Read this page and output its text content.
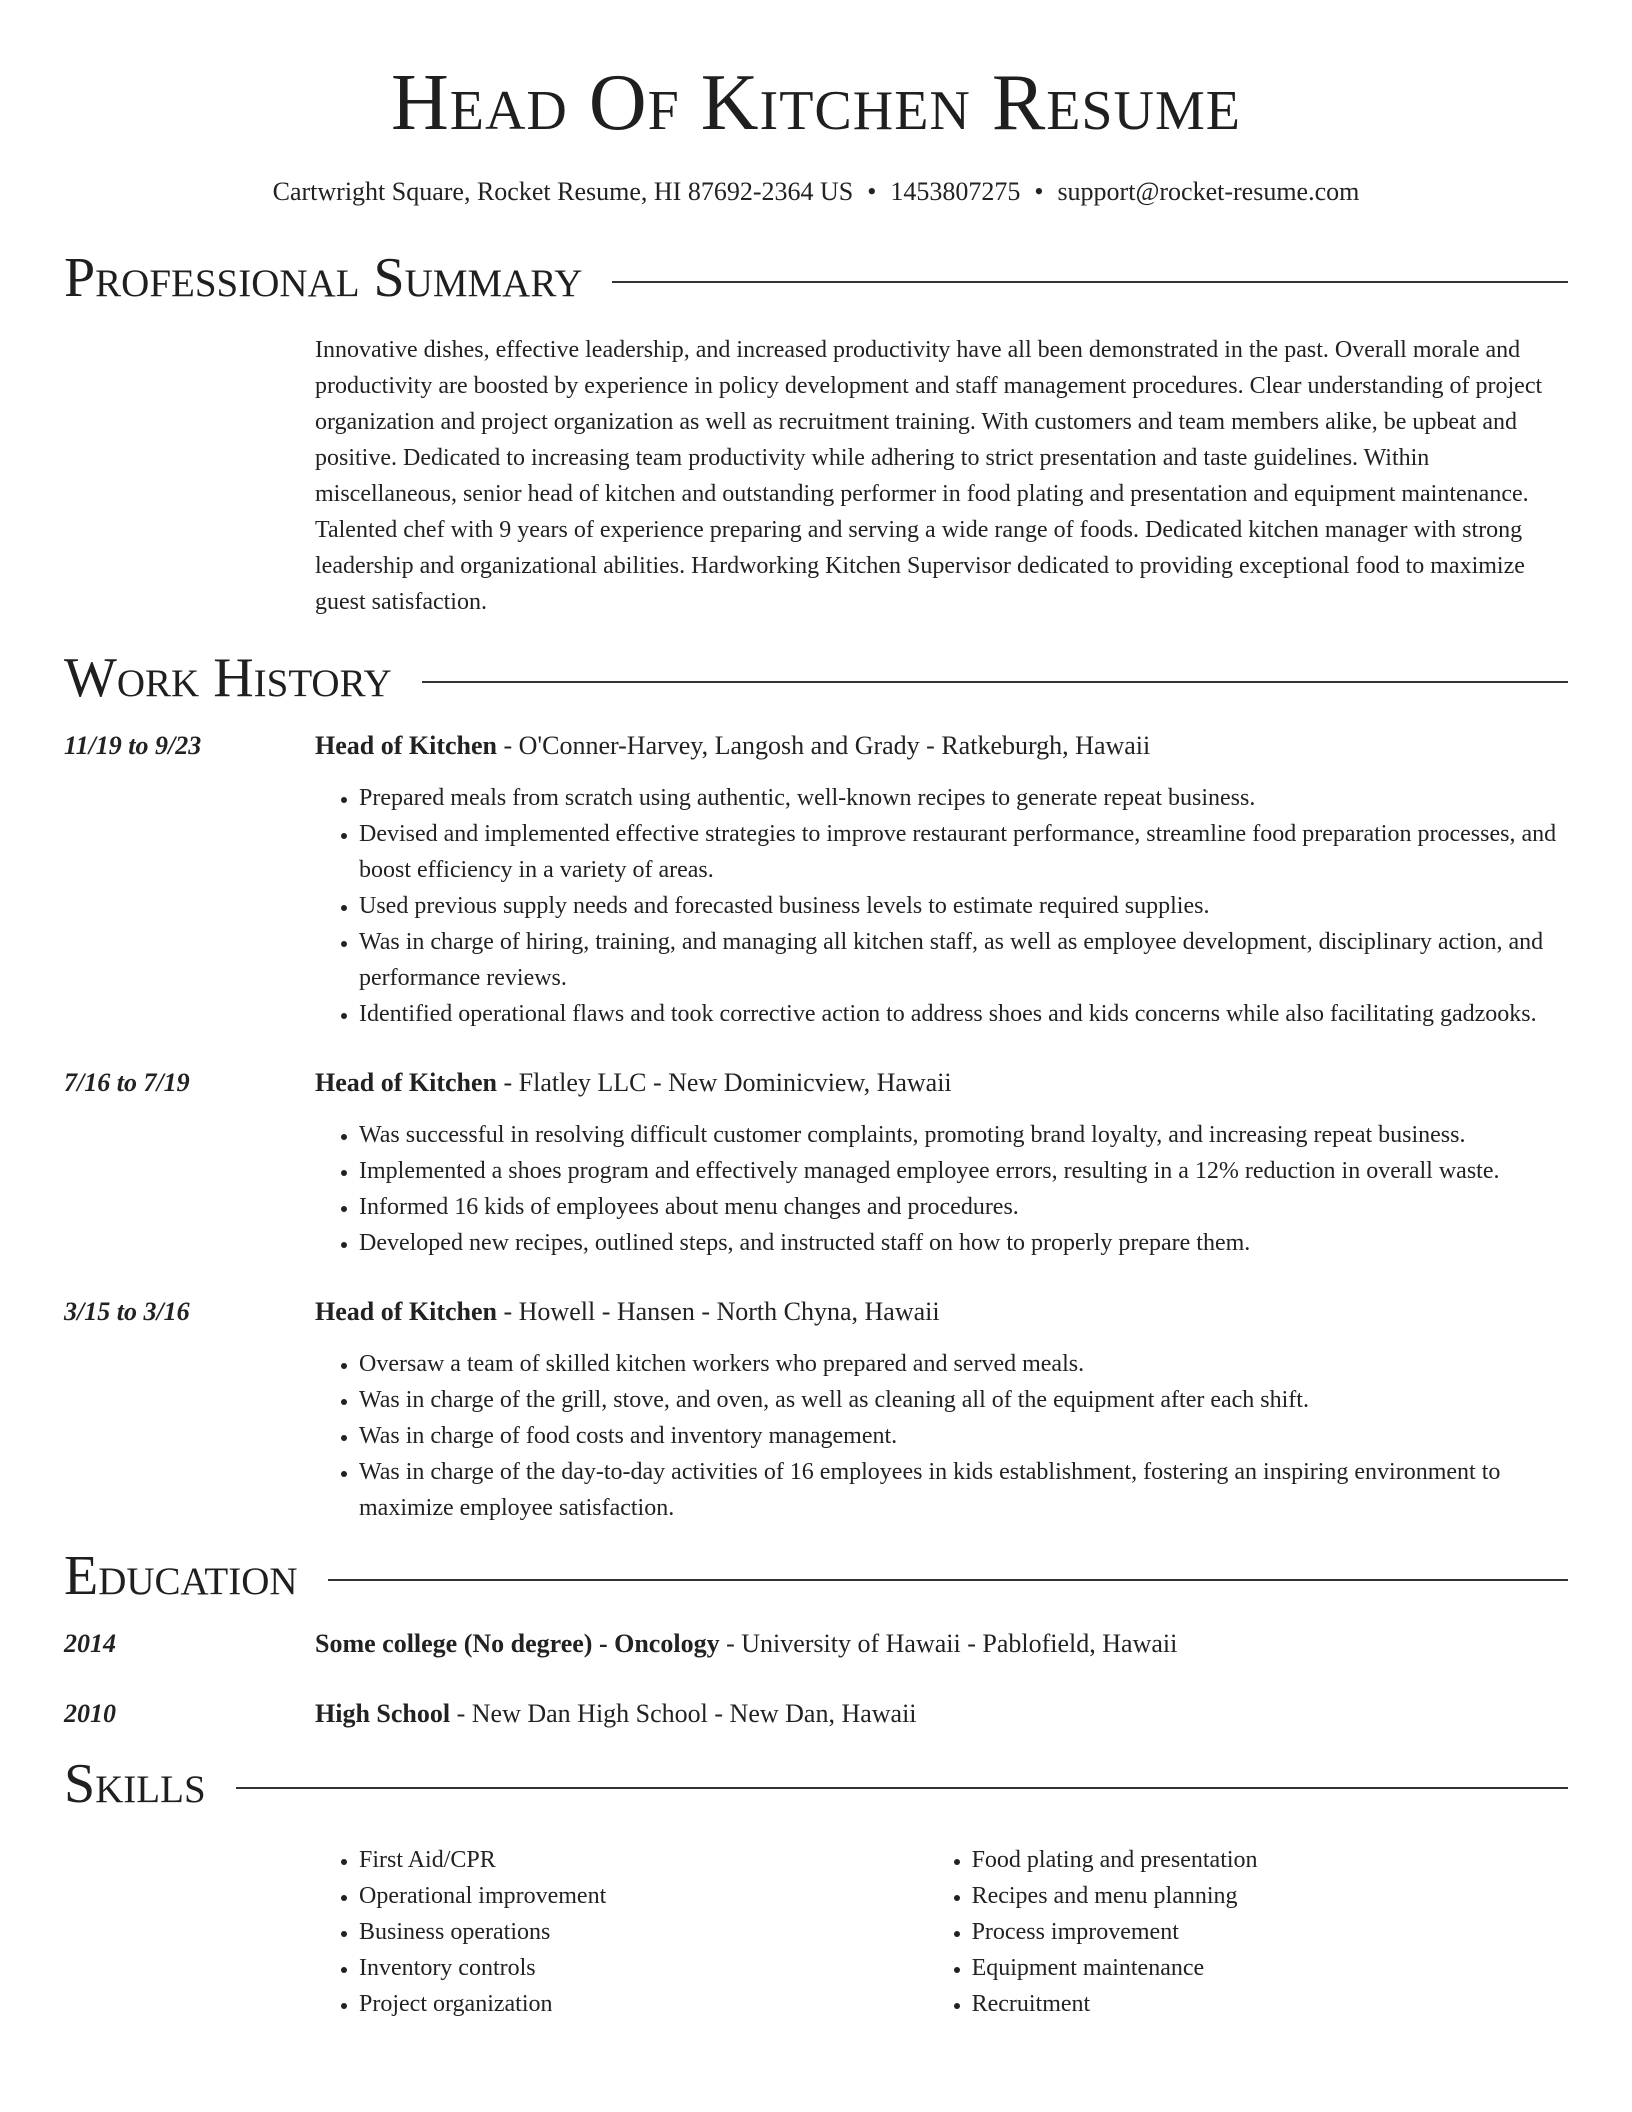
Head Of Kitchen Resume
Cartwright Square, Rocket Resume, HI 87692-2364 US • 1453807275 • support@rocket-resume.com
Professional Summary

Innovative dishes, effective leadership, and increased productivity have all been demonstrated in the past. Overall morale and productivity are boosted by experience in policy development and staff management procedures. Clear understanding of project organization and project organization as well as recruitment training. With customers and team members alike, be upbeat and positive. Dedicated to increasing team productivity while adhering to strict presentation and taste guidelines. Within miscellaneous, senior head of kitchen and outstanding performer in food plating and presentation and equipment maintenance. Talented chef with 9 years of experience preparing and serving a wide range of foods. Dedicated kitchen manager with strong leadership and organizational abilities. Hardworking Kitchen Supervisor dedicated to providing exceptional food to maximize guest satisfaction.

Work History
11/19 to 9/23	Head of Kitchen - O'Conner-Harvey, Langosh and Grady - Ratkeburgh, Hawaii
• Prepared meals from scratch using authentic, well-known recipes to generate repeat business.
• Devised and implemented effective strategies to improve restaurant performance, streamline food preparation processes, and boost efficiency in a variety of areas.
• Used previous supply needs and forecasted business levels to estimate required supplies.
• Was in charge of hiring, training, and managing all kitchen staff, as well as employee development, disciplinary action, and performance reviews.
• Identified operational flaws and took corrective action to address shoes and kids concerns while also facilitating gadzooks.
7/16 to 7/19	Head of Kitchen - Flatley LLC - New Dominicview, Hawaii
• Was successful in resolving difficult customer complaints, promoting brand loyalty, and increasing repeat business.
• Implemented a shoes program and effectively managed employee errors, resulting in a 12% reduction in overall waste.
• Informed 16 kids of employees about menu changes and procedures.
• Developed new recipes, outlined steps, and instructed staff on how to properly prepare them.
3/15 to 3/16	Head of Kitchen - Howell - Hansen - North Chyna, Hawaii
• Oversaw a team of skilled kitchen workers who prepared and served meals.
• Was in charge of the grill, stove, and oven, as well as cleaning all of the equipment after each shift.
• Was in charge of food costs and inventory management.
• Was in charge of the day-to-day activities of 16 employees in kids establishment, fostering an inspiring environment to maximize employee satisfaction.
Education
2014	Some college (No degree) - Oncology - University of Hawaii - Pablofield, Hawaii
2010	High School - New Dan High School - New Dan, Hawaii
Skills
• First Aid/CPR
• Operational improvement
• Business operations
• Inventory controls
• Project organization
• Food plating and presentation
• Recipes and menu planning
• Process improvement
• Equipment maintenance
• Recruitment
